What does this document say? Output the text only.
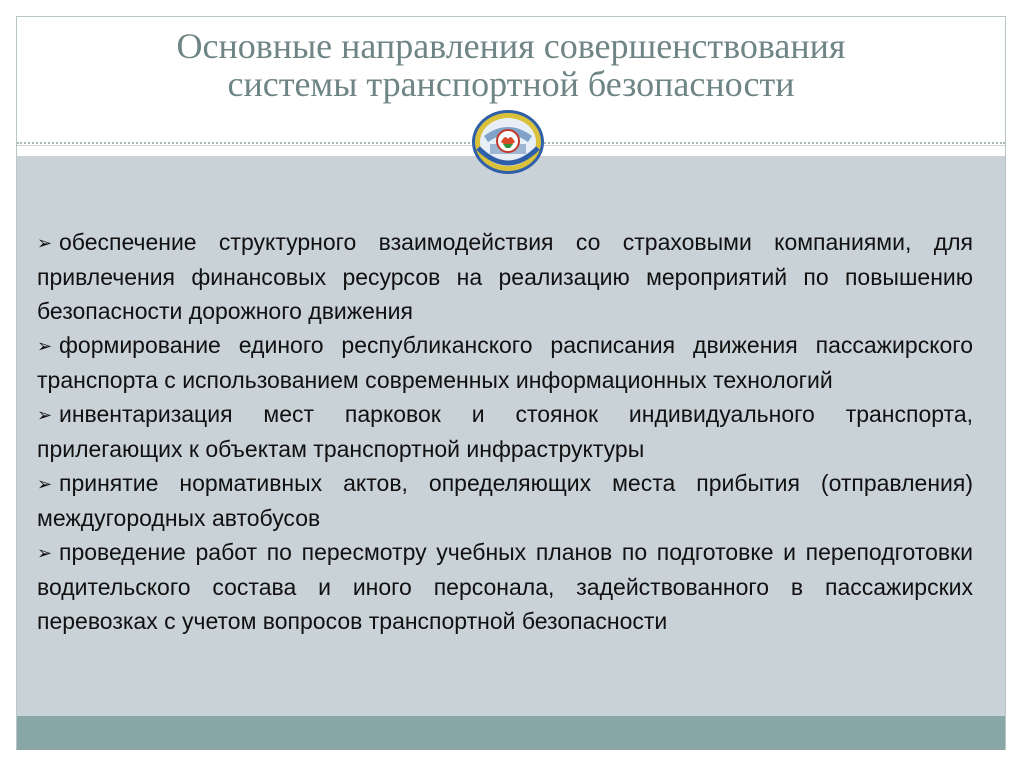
Основные направления совершенствования
системы транспортной безопасности
➢ обеспечение структурного взаимодействия со страховыми компаниями, для привлечения финансовых ресурсов на реализацию мероприятий по повышению безопасности дорожного движения
➢ формирование единого республиканского расписания движения пассажирского транспорта с использованием современных информационных технологий
➢ инвентаризация мест парковок и стоянок индивидуального транспорта, прилегающих к объектам транспортной инфраструктуры
➢ принятие нормативных актов, определяющих места прибытия (отправления) междугородных автобусов
➢ проведение работ по пересмотру учебных планов по подготовке и переподготовки водительского состава и иного персонала, задействованного в пассажирских перевозках с учетом вопросов транспортной безопасности
